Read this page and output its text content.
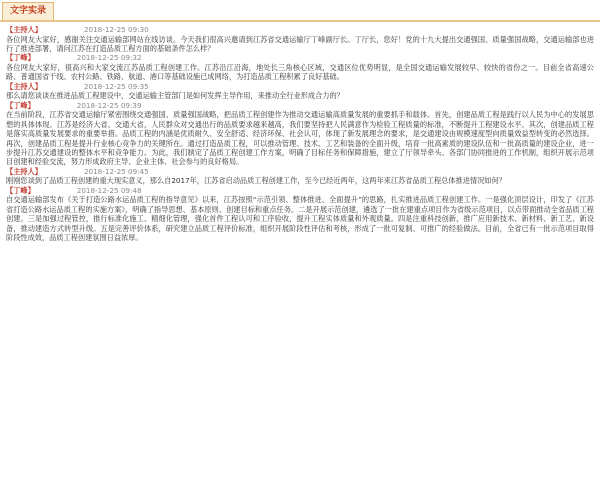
文字实录
【主持人】	2018-12-25 09:30
各位网友大家好，感谢关注交通运输部网站在线访谈。今天我们很高兴邀请到江苏省交通运输厅丁峰副厅长。丁厅长，您好！党的十九大提出交通强国、质量强国战略，交通运输部也进行了推进部署，请问江苏在打造品质工程方面的基础条件怎么样？
【丁峰】	2018-12-25 09:32
各位网友大家好，很高兴和大家交流江苏品质工程创建工作。江苏沿江沿海，地处长三角核心区域，交通区位优势明显，是全国交通运输发展较早、较快的省份之一。目前全省高速公路、普通国省干线、农村公路、铁路、航道、港口等基础设施已成网络，为打造品质工程积累了良好基础。
【主持人】	2018-12-25 09:35
那么请您谈谈在推进品质工程建设中，交通运输主管部门是如何发挥主导作用，来推动全行业形成合力的？
【丁峰】	2018-12-25 09:39
在当前阶段，江苏省交通运输厅紧密围绕交通强国、质量强国战略，把品质工程创建作为推动交通运输高质量发展的重要抓手和载体。首先，创建品质工程是践行以人民为中心的发展思想的具体体现。江苏是经济大省、交通大省，人民群众对交通出行的品质要求越来越高，我们要坚持把人民满意作为检验工程质量的标准，不断提升工程建设水平。其次，创建品质工程是落实高质量发展要求的重要举措。品质工程的内涵是优质耐久、安全舒适、经济环保、社会认可，体现了新发展理念的要求，是交通建设由规模速度型向质量效益型转变的必然选择。再次，创建品质工程是提升行业核心竞争力的关键所在。通过打造品质工程，可以推动管理、技术、工艺和装备的全面升级，培育一批高素质的建设队伍和一批高质量的建设企业，进一步提升江苏交通建设的整体水平和竞争能力。为此，我们制定了品质工程创建工作方案，明确了目标任务和保障措施，建立了厅领导牵头、各部门协同推进的工作机制，组织开展示范项目创建和经验交流，努力形成政府主导、企业主体、社会参与的良好格局。
【主持人】	2018-12-25 09:45
刚刚您谈到了品质工程创建的重大现实意义，那么自2017年，江苏省启动品质工程创建工作，至今已经近两年，这两年来江苏省品质工程总体推进情况如何？
【丁峰】	2018-12-25 09:48
自交通运输部发布《关于打造公路水运品质工程的指导意见》以来，江苏按照“示范引领、整体推进、全面提升”的思路，扎实推进品质工程创建工作。一是强化顶层设计，印发了《江苏省打造公路水运品质工程的实施方案》，明确了指导思想、基本原则、创建目标和重点任务。二是开展示范创建，遴选了一批在建重点项目作为省级示范项目，以点带面推动全省品质工程创建。三是加强过程管控，推行标准化施工、精细化管理，强化首件工程认可和工序验收，提升工程实体质量和外观质量。四是注重科技创新，推广应用新技术、新材料、新工艺、新设备，推动建造方式转型升级。五是完善评价体系，研究建立品质工程评价标准，组织开展阶段性评估和考核，形成了一批可复制、可推广的经验做法。目前，全省已有一批示范项目取得阶段性成效，品质工程创建氛围日益浓厚。
